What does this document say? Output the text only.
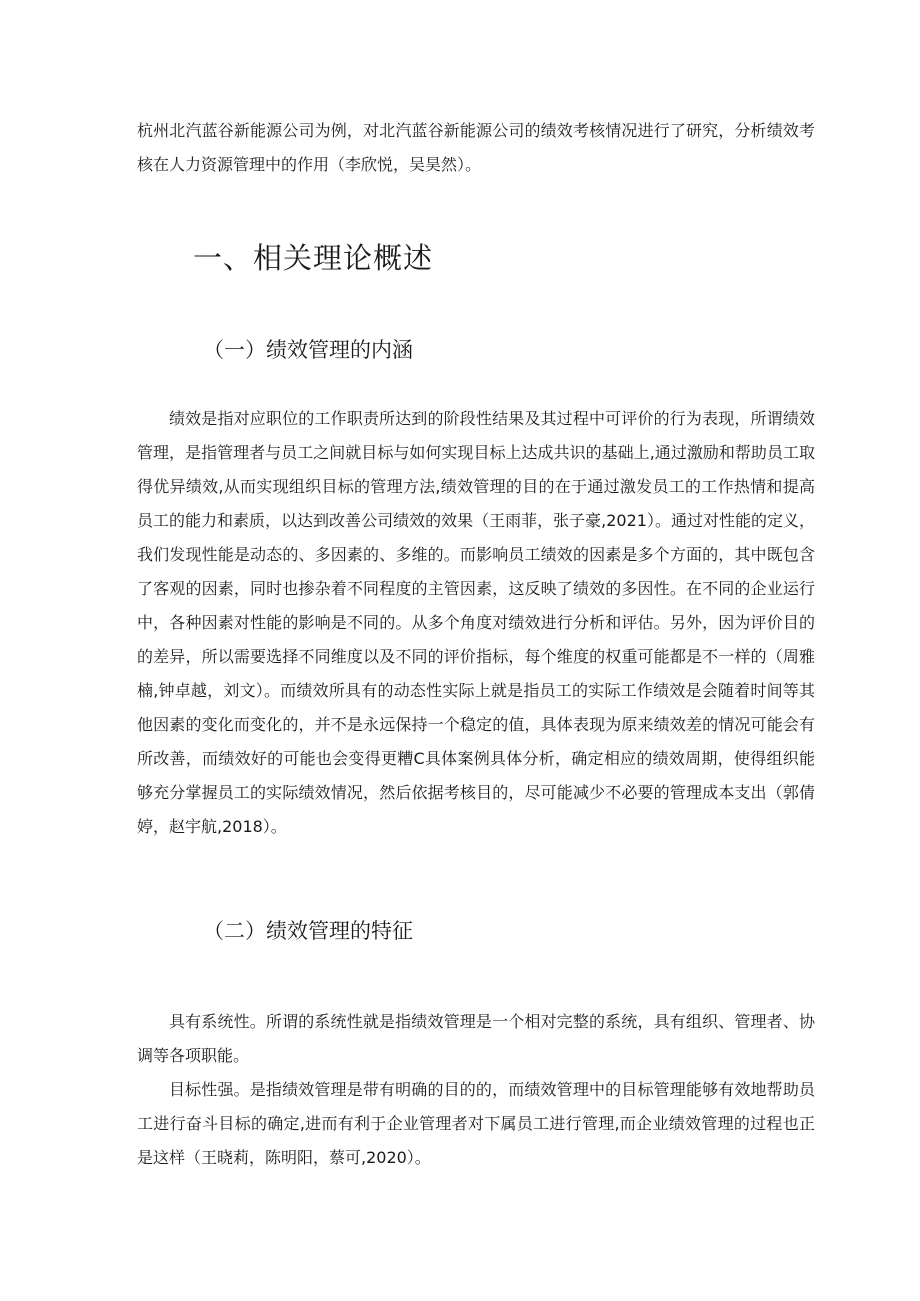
杭州北汽蓝谷新能源公司为例，对北汽蓝谷新能源公司的绩效考核情况进行了研究，分析绩效考核在人力资源管理中的作用（李欣悦，吴昊然）。

一、相关理论概述
（一）绩效管理的内涵

绩效是指对应职位的工作职责所达到的阶段性结果及其过程中可评价的行为表现，所谓绩效管理，是指管理者与员工之间就目标与如何实现目标上达成共识的基础上,通过激励和帮助员工取得优异绩效,从而实现组织目标的管理方法,绩效管理的目的在于通过激发员工的工作热情和提高员工的能力和素质，以达到改善公司绩效的效果（王雨菲，张子豪,2021）。通过对性能的定义，我们发现性能是动态的、多因素的、多维的。而影响员工绩效的因素是多个方面的，其中既包含了客观的因素，同时也掺杂着不同程度的主管因素，这反映了绩效的多因性。在不同的企业运行中，各种因素对性能的影响是不同的。从多个角度对绩效进行分析和评估。另外，因为评价目的的差异，所以需要选择不同维度以及不同的评价指标，每个维度的权重可能都是不一样的（周雅楠,钟卓越，刘文）。而绩效所具有的动态性实际上就是指员工的实际工作绩效是会随着时间等其他因素的变化而变化的，并不是永远保持一个稳定的值，具体表现为原来绩效差的情况可能会有所改善，而绩效好的可能也会变得更糟C具体案例具体分析，确定相应的绩效周期，使得组织能够充分掌握员工的实际绩效情况，然后依据考核目的，尽可能减少不必要的管理成本支出（郭倩婷，赵宇航,2018）。

（二）绩效管理的特征

具有系统性。所谓的系统性就是指绩效管理是一个相对完整的系统，具有组织、管理者、协调等各项职能。

目标性强。是指绩效管理是带有明确的目的的，而绩效管理中的目标管理能够有效地帮助员工进行奋斗目标的确定,进而有利于企业管理者对下属员工进行管理,而企业绩效管理的过程也正是这样（王晓莉，陈明阳，蔡可,2020）。
